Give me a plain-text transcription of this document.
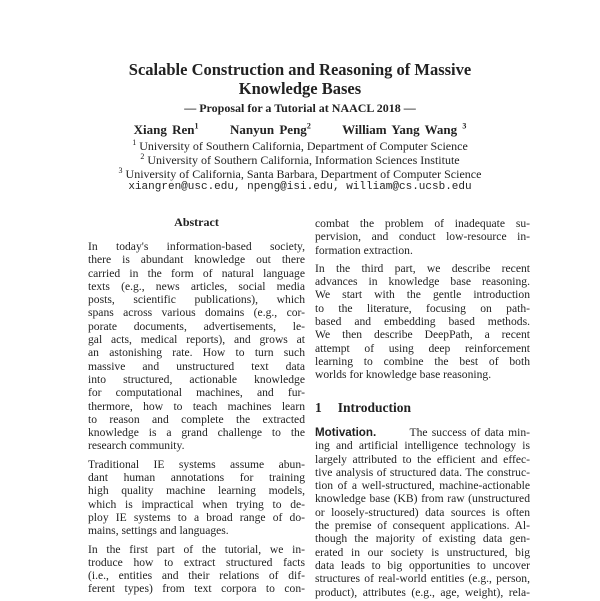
Scalable Construction and Reasoning of Massive
Knowledge Bases
— Proposal for a Tutorial at NAACL 2018 —
Xiang Ren$^1$ Nanyun Peng$^2$ William Yang Wang $^3$
$^1$ University of Southern California, Department of Computer Science
$^2$ University of Southern California, Information Sciences Institute
$^3$ University of California, Santa Barbara, Department of Computer Science
xiangren@usc.edu, npeng@isi.edu, william@cs.ucsb.edu
Abstract
In today's information-based society,
there is abundant knowledge out there
carried in the form of natural language
texts (e.g., news articles, social media
posts, scientific publications), which
spans across various domains (e.g., cor-
porate documents, advertisements, le-
gal acts, medical reports), and grows at
an astonishing rate. How to turn such
massive and unstructured text data
into structured, actionable knowledge
for computational machines, and fur-
thermore, how to teach machines learn
to reason and complete the extracted
knowledge is a grand challenge to the
research community.
Traditional IE systems assume abun-
dant human annotations for training
high quality machine learning models,
which is impractical when trying to de-
ploy IE systems to a broad range of do-
mains, settings and languages.
In the first part of the tutorial, we in-
troduce how to extract structured facts
(i.e., entities and their relations of dif-
ferent types) from text corpora to con-
combat the problem of inadequate su-
pervision, and conduct low-resource in-
formation extraction.
In the third part, we describe recent
advances in knowledge base reasoning.
We start with the gentle introduction
to the literature, focusing on path-
based and embedding based methods.
We then describe DeepPath, a recent
attempt of using deep reinforcement
learning to combine the best of both
worlds for knowledge base reasoning.
1 Introduction
Motivation.	The success of data min-
ing and artificial intelligence technology is
largely attributed to the efficient and effec-
tive analysis of structured data. The construc-
tion of a well-structured, machine-actionable
knowledge base (KB) from raw (unstructured
or loosely-structured) data sources is often
the premise of consequent applications. Al-
though the majority of existing data gen-
erated in our society is unstructured, big
data leads to big opportunities to uncover
structures of real-world entities (e.g., person,
product), attributes (e.g., age, weight), rela-
